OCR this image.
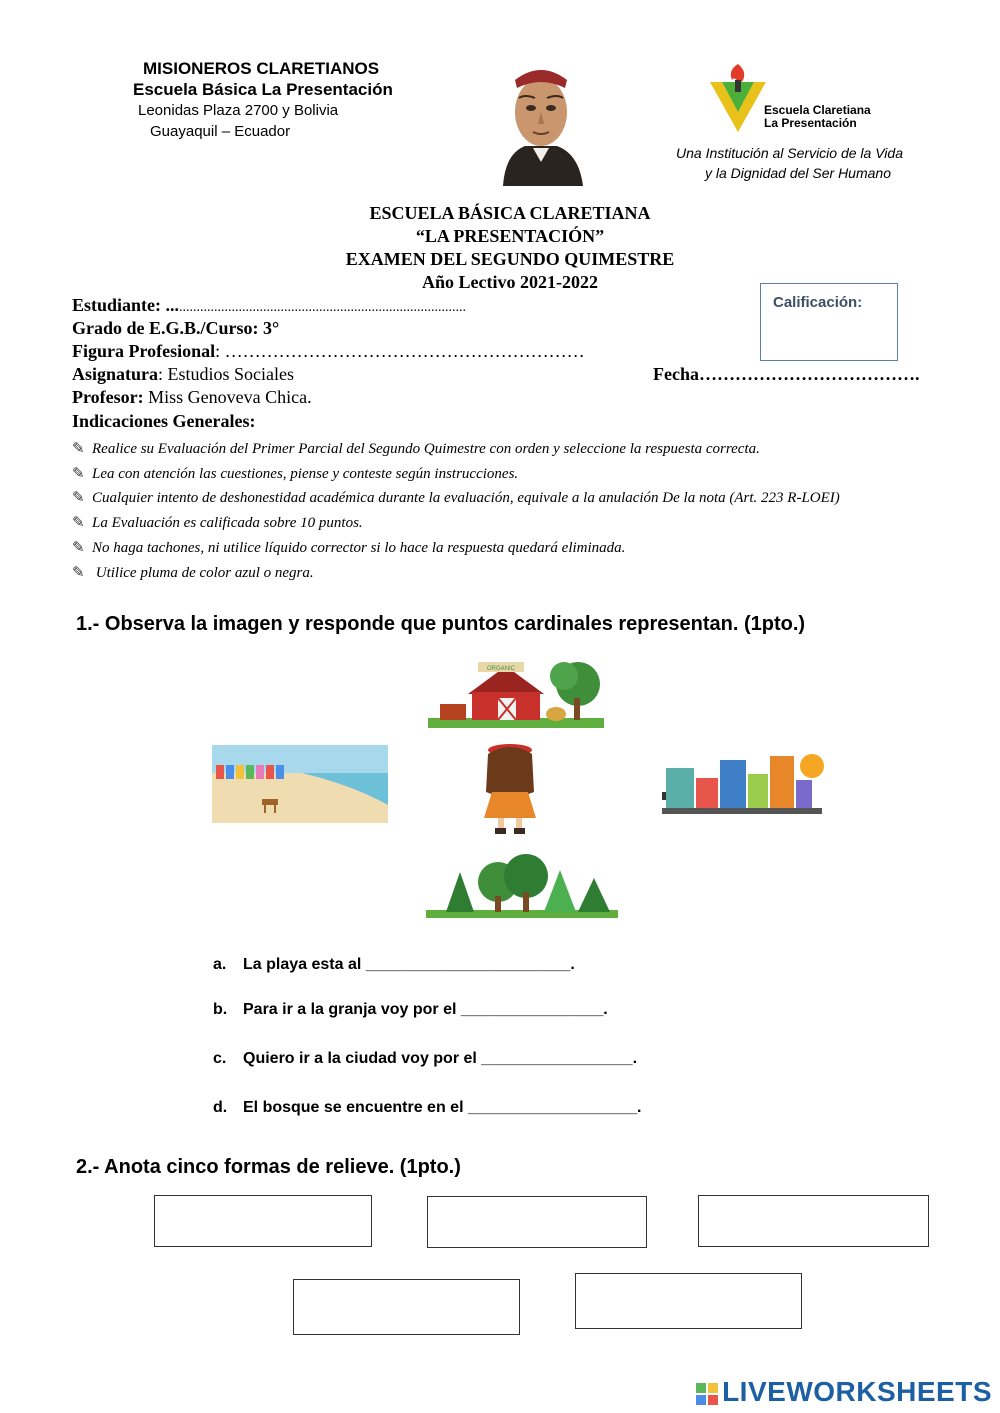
MISIONEROS CLARETIANOS
Escuela Básica La Presentación
Leonidas Plaza 2700 y Bolivia
Guayaquil – Ecuador
Escuela Claretiana
La Presentación
Una Institución al Servicio de la Vida
y la Dignidad del Ser Humano
ESCUELA BÁSICA CLARETIANA
“LA PRESENTACIÓN”
EXAMEN DEL SEGUNDO QUIMESTRE
Año Lectivo 2021-2022
Calificación:
Estudiante: .....................................................................................
Grado de E.G.B./Curso: 3°
Figura Profesional: ……………………………………………………
Asignatura: Estudios Sociales	Fecha……………………………….
Profesor: Miss Genoveva Chica.
Indicaciones Generales:
✎ Realice su Evaluación del Primer Parcial del Segundo Quimestre con orden y seleccione la respuesta correcta.
✎ Lea con atención las cuestiones, piense y conteste según instrucciones.
✎ Cualquier intento de deshonestidad académica durante la evaluación, equivale a la anulación De la nota (Art. 223 R-LOEI)
✎ La Evaluación es calificada sobre 10 puntos.
✎ No haga tachones, ni utilice líquido corrector si lo hace la respuesta quedará eliminada.
✎ Utilice pluma de color azul o negra.
1.- Observa la imagen y responde que puntos cardinales representan. (1pto.)
ORGANIC
a. La playa esta al _______________________.
b. Para ir a la granja voy por el ________________.
c. Quiero ir a la ciudad voy por el _________________.
d. El bosque se encuentre en el ___________________.
2.- Anota cinco formas de relieve. (1pto.)
LIVEWORKSHEETS
